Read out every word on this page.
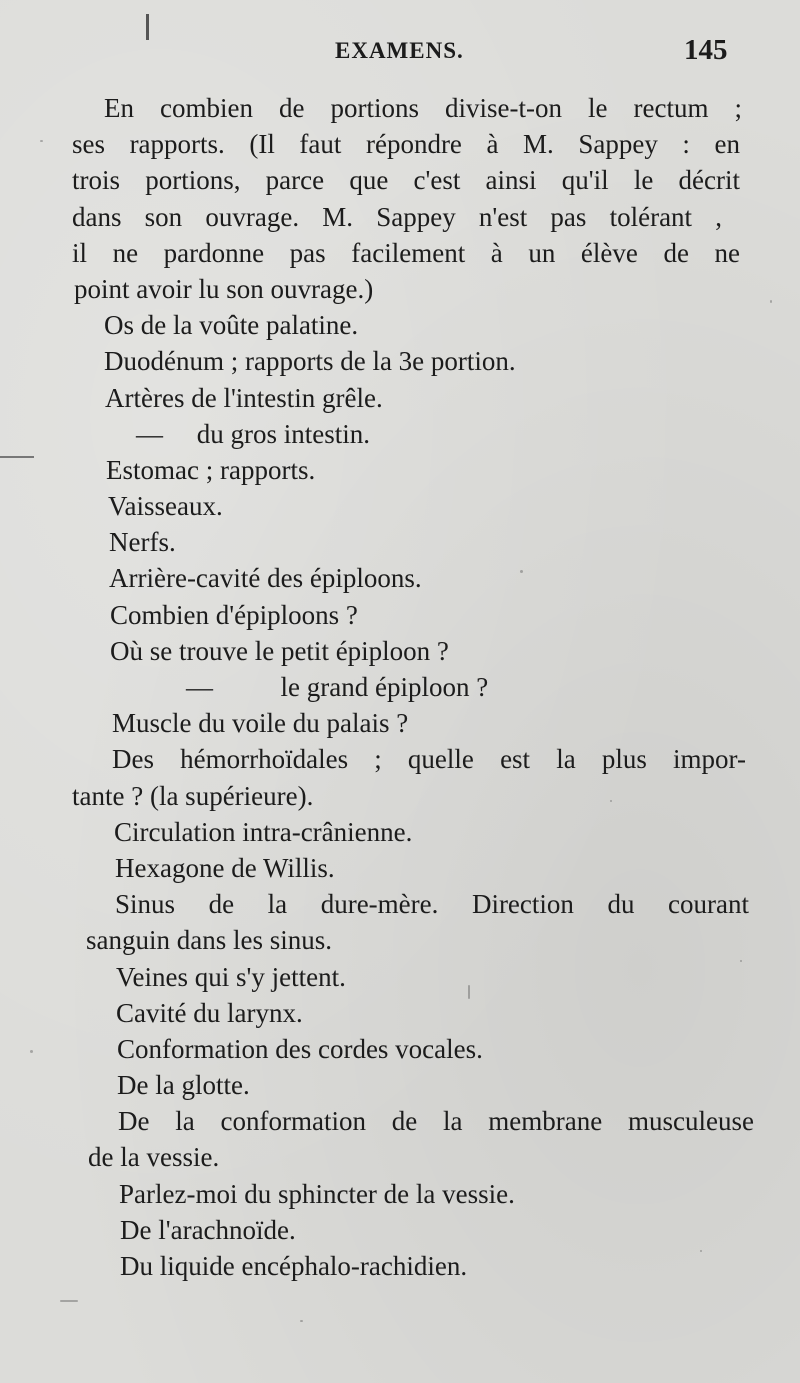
EXAMENS.	145
En combien de portions divise-t-on le rectum ;
ses rapports. (Il faut répondre à M. Sappey : en
trois portions, parce que c'est ainsi qu'il le décrit
dans son ouvrage. M. Sappey n'est pas tolérant ,
il ne pardonne pas facilement à un élève de ne
point avoir lu son ouvrage.)
Os de la voûte palatine.
Duodénum ; rapports de la 3e portion.
Artères de l'intestin grêle.
—     du gros intestin.
Estomac ; rapports.
Vaisseaux.
Nerfs.
Arrière-cavité des épiploons.
Combien d'épiploons ?
Où se trouve le petit épiploon ?
—          le grand épiploon ?
Muscle du voile du palais ?
Des hémorrhoïdales ; quelle est la plus impor-
tante ? (la supérieure).
Circulation intra-crânienne.
Hexagone de Willis.
Sinus de la dure-mère. Direction du courant
sanguin dans les sinus.
Veines qui s'y jettent.
Cavité du larynx.
Conformation des cordes vocales.
De la glotte.
De la conformation de la membrane musculeuse
de la vessie.
Parlez-moi du sphincter de la vessie.
De l'arachnoïde.
Du liquide encéphalo-rachidien.
